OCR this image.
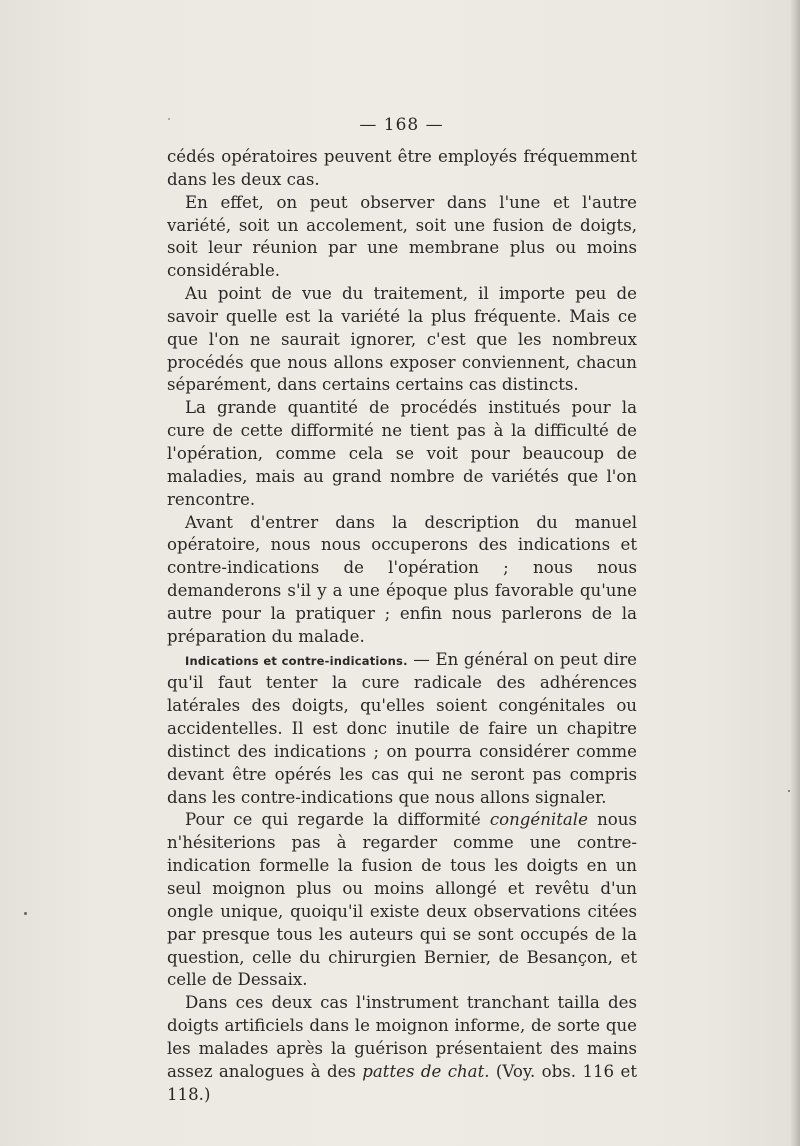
— 168 —

cédés opératoires peuvent être employés fréquemment dans les deux cas.

En effet, on peut observer dans l'une et l'autre variété, soit un accolement, soit une fusion de doigts, soit leur réunion par une membrane plus ou moins considérable.

Au point de vue du traitement, il importe peu de savoir quelle est la variété la plus fréquente. Mais ce que l'on ne saurait ignorer, c'est que les nombreux procédés que nous allons exposer conviennent, chacun séparément, dans certains certains cas distincts.

La grande quantité de procédés institués pour la cure de cette difformité ne tient pas à la difficulté de l'opération, comme cela se voit pour beaucoup de maladies, mais au grand nombre de variétés que l'on rencontre.

Avant d'entrer dans la description du manuel opératoire, nous nous occuperons des indications et contre-indications de l'opération ; nous nous demanderons s'il y a une époque plus favorable qu'une autre pour la pratiquer ; enfin nous parlerons de la préparation du malade.

Indications et contre-indications. — En général on peut dire qu'il faut tenter la cure radicale des adhérences latérales des doigts, qu'elles soient congénitales ou accidentelles. Il est donc inutile de faire un chapitre distinct des indications ; on pourra considérer comme devant être opérés les cas qui ne seront pas compris dans les contre-indications que nous allons signaler.

Pour ce qui regarde la difformité congénitale nous n'hésiterions pas à regarder comme une contre-indication formelle la fusion de tous les doigts en un seul moignon plus ou moins allongé et revêtu d'un ongle unique, quoiqu'il existe deux observations citées par presque tous les auteurs qui se sont occupés de la question, celle du chirurgien Bernier, de Besançon, et celle de Dessaix.

Dans ces deux cas l'instrument tranchant tailla des doigts artificiels dans le moignon informe, de sorte que les malades après la guérison présentaient des mains assez analogues à des pattes de chat. (Voy. obs. 116 et 118.)
